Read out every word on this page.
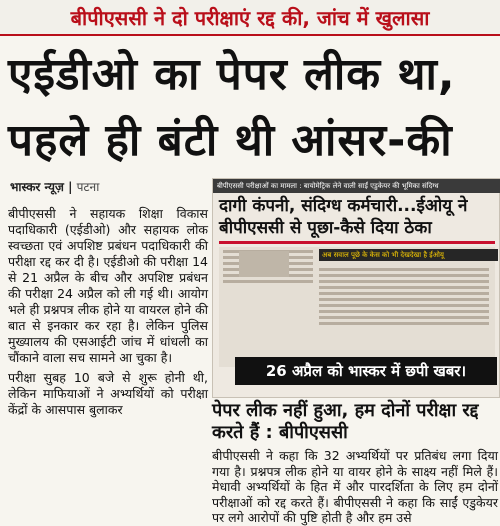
बीपीएससी ने दो परीक्षाएं रद्द की, जांच में खुलासा
एईडीओ का पेपर लीक था,
पहले ही बंटी थी आंसर-की
भास्कर न्यूज़ | पटना

बीपीएससी ने सहायक शिक्षा विकास पदाधिकारी (एईडीओ) और सहायक लोक स्वच्छता एवं अपशिष्ट प्रबंधन पदाधिकारी की परीक्षा रद्द कर दी है। एईडीओ की परीक्षा 14 से 21 अप्रैल के बीच और अपशिष्ट प्रबंधन की परीक्षा 24 अप्रैल को ली गई थी। आयोग भले ही प्रश्नपत्र लीक होने या वायरल होने की बात से इनकार कर रहा है। लेकिन पुलिस मुख्यालय की एसआईटी जांच में धांधली का चौंकाने वाला सच सामने आ चुका है।

परीक्षा सुबह 10 बजे से शुरू होनी थी, लेकिन माफियाओं ने अभ्यर्थियों को परीक्षा केंद्रों के आसपास बुलाकर

बीपीएससी परीक्षाओं का मामला : बायोमेट्रिक लेने वाली साईं एडुकेयर की भूमिका संदिग्ध
दागी कंपनी, संदिग्ध कर्मचारी...ईओयू ने बीपीएससी से पूछा-कैसे दिया ठेका
अब सवाल पूछे के केस को भी देखदेखा है ईओयू
26 अप्रैल को भास्कर में छपी खबर।
पेपर लीक नहीं हुआ, हम दोनों परीक्षा रद्द करते हैं : बीपीएससी
बीपीएससी ने कहा कि 32 अभ्यर्थियों पर प्रतिबंध लगा दिया गया है। प्रश्नपत्र लीक होने या वायर होने के साक्ष्य नहीं मिले हैं। मेधावी अभ्यर्थियों के हित में और पारदर्शिता के लिए हम दोनों परीक्षाओं को रद्द करते हैं। बीपीएससी ने कहा कि साईं एडुकेयर पर लगे आरोपों की पुष्टि होती है और हम उसे
